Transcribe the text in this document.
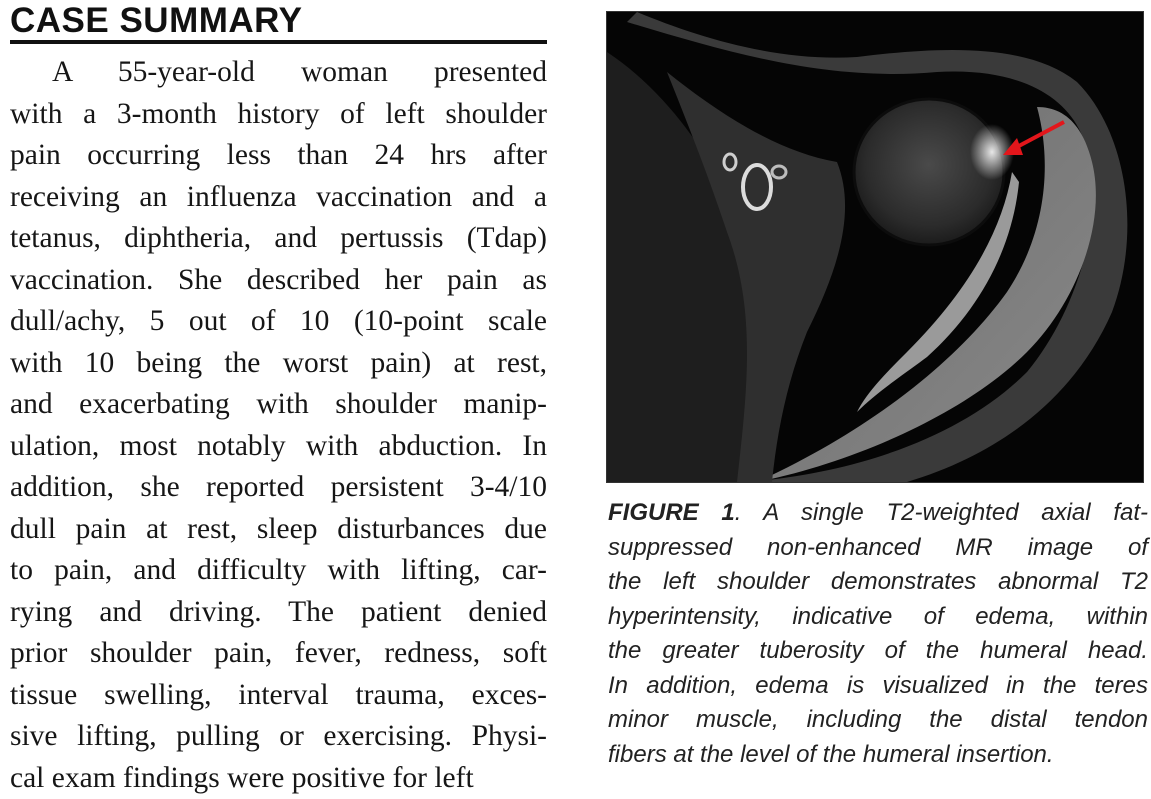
CASE SUMMARY
A 55-year-old woman presented
with a 3-month history of left shoulder
pain occurring less than 24 hrs after
receiving an influenza vaccination and a
tetanus, diphtheria, and pertussis (Tdap)
vaccination. She described her pain as
dull/achy, 5 out of 10 (10-point scale
with 10 being the worst pain) at rest,
and exacerbating with shoulder manip-
ulation, most notably with abduction. In
addition, she reported persistent 3-4/10
dull pain at rest, sleep disturbances due
to pain, and difficulty with lifting, car-
rying and driving. The patient denied
prior shoulder pain, fever, redness, soft
tissue swelling, interval trauma, exces-
sive lifting, pulling or exercising. Physi-
cal exam findings were positive for left
FIGURE 1. A single T2-weighted axial fat-
suppressed non-enhanced MR image of
the left shoulder demonstrates abnormal T2
hyperintensity, indicative of edema, within
the greater tuberosity of the humeral head.
In addition, edema is visualized in the teres
minor muscle, including the distal tendon
fibers at the level of the humeral insertion.
